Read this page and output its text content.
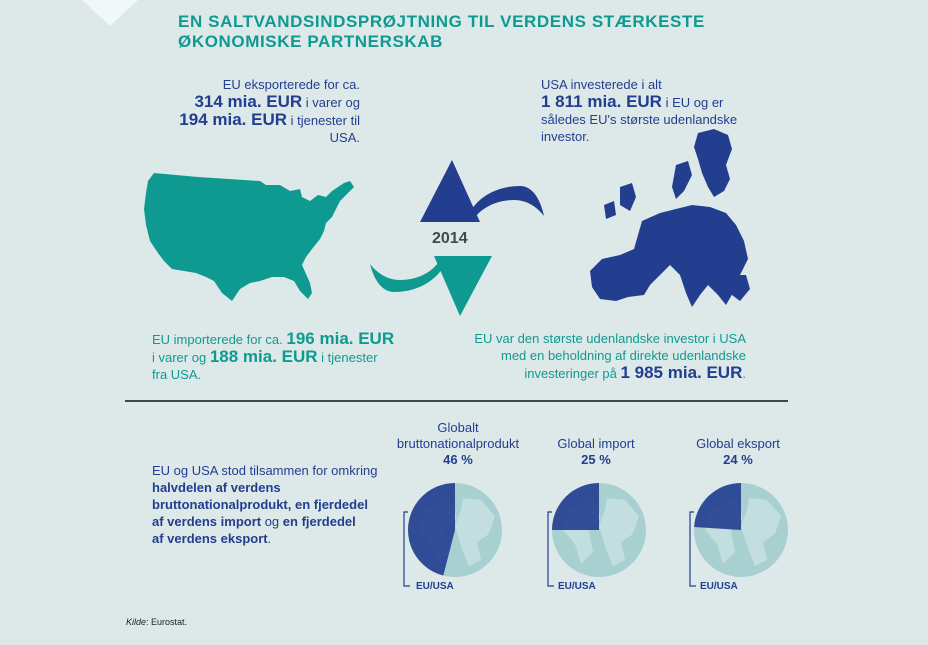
EN SALTVANDSINDSPRØJTNING TIL VERDENS STÆRKESTE
ØKONOMISKE PARTNERSKAB
EU eksporterede for ca.
314 mia. EUR i varer og
194 mia. EUR i tjenester til
USA.
USA investerede i alt
1 811 mia. EUR i EU og er
således EU's største udenlandske
investor.
2014
EU importerede for ca. 196 mia. EUR
i varer og 188 mia. EUR i tjenester
fra USA.
EU var den største udenlandske investor i USA
med en beholdning af direkte udenlandske
investeringer på 1 985 mia. EUR.
EU og USA stod tilsammen for omkring
halvdelen af verdens
bruttonationalprodukt, en fjerdedel
af verdens import og en fjerdedel
af verdens eksport.
Globalt
bruttonationalprodukt
46 %
Global import
25 %
Global eksport
24 %
EU/USA	EU/USA	EU/USA
Kilde: Eurostat.
